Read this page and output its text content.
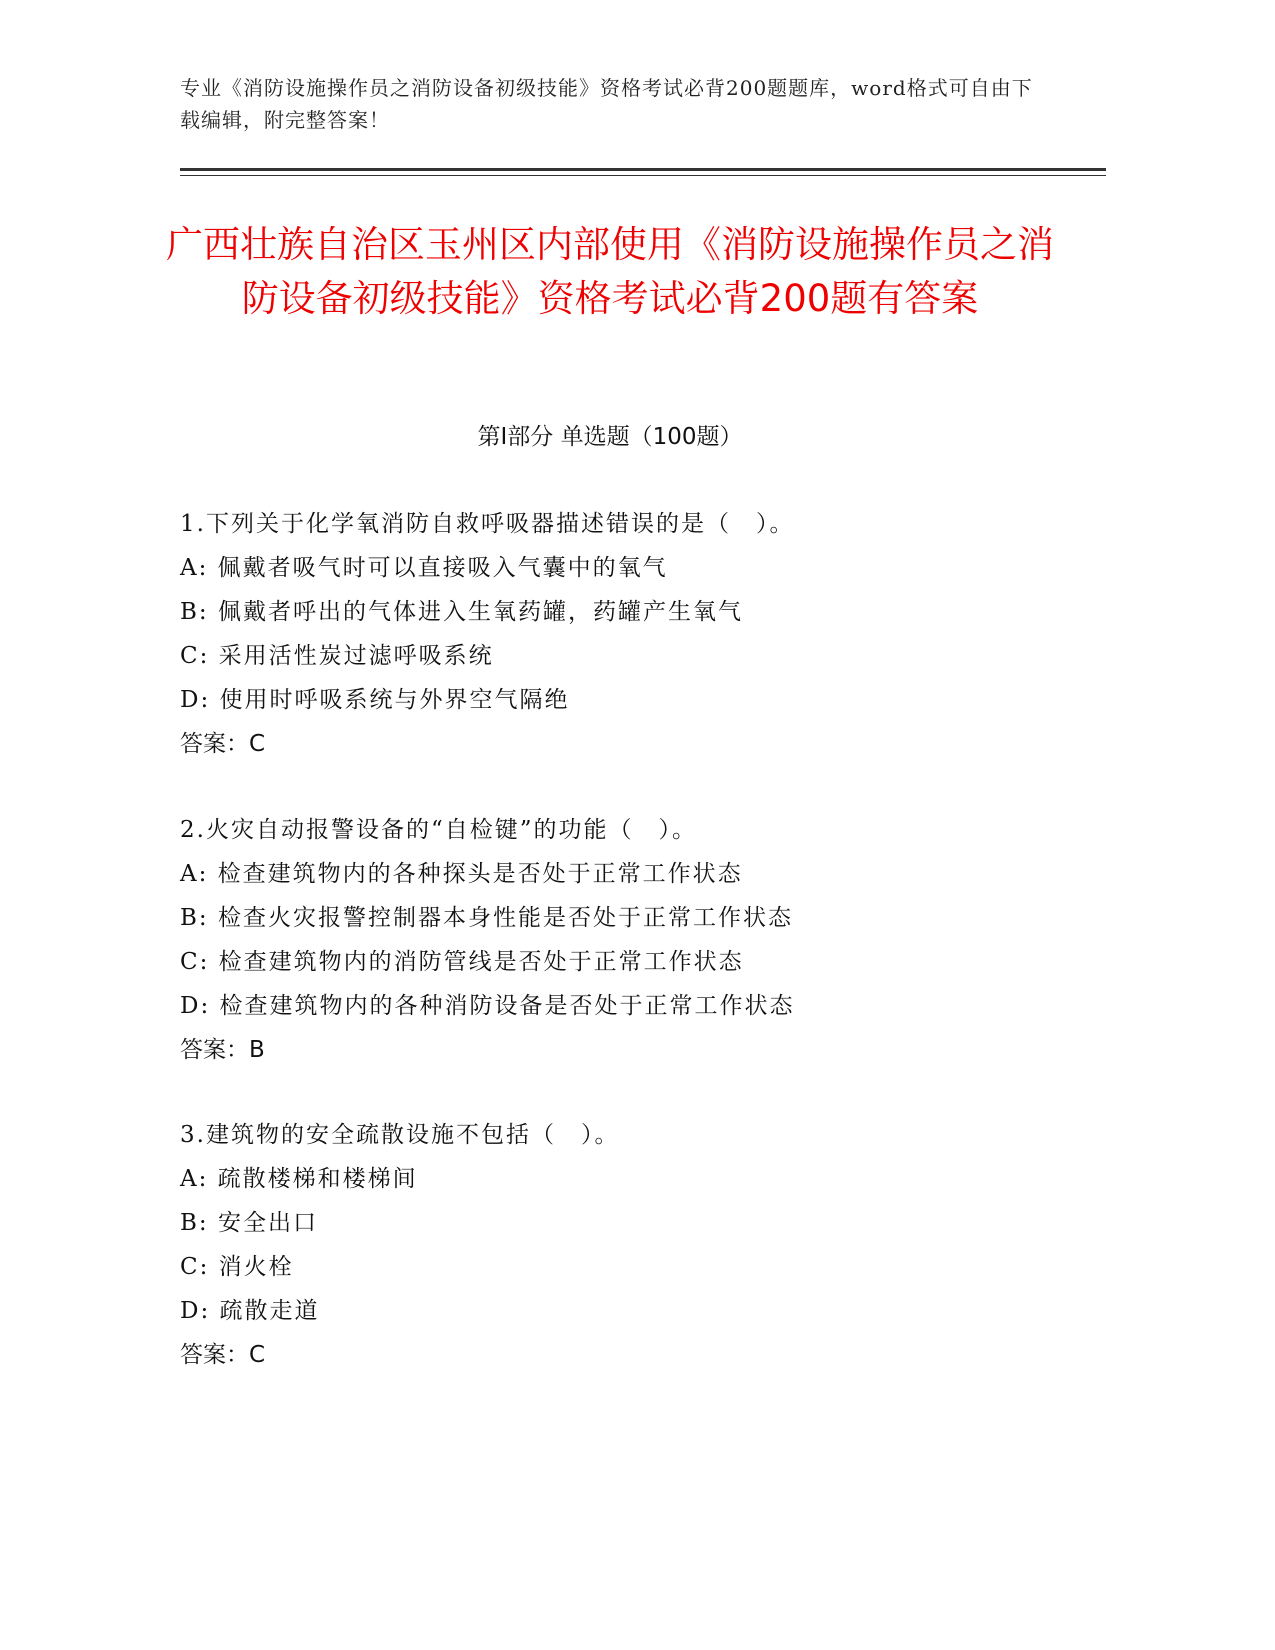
专业《消防设施操作员之消防设备初级技能》资格考试必背200题题库，word格式可自由下载编辑，附完整答案！
广西壮族自治区玉州区内部使用《消防设施操作员之消防设备初级技能》资格考试必背200题有答案
第I部分 单选题（100题）
1.下列关于化学氧消防自救呼吸器描述错误的是（　）。
A: 佩戴者吸气时可以直接吸入气囊中的氧气
B: 佩戴者呼出的气体进入生氧药罐，药罐产生氧气
C: 采用活性炭过滤呼吸系统
D: 使用时呼吸系统与外界空气隔绝
答案：C
2.火灾自动报警设备的“自检键”的功能（　）。
A: 检查建筑物内的各种探头是否处于正常工作状态
B: 检查火灾报警控制器本身性能是否处于正常工作状态
C: 检查建筑物内的消防管线是否处于正常工作状态
D: 检查建筑物内的各种消防设备是否处于正常工作状态
答案：B
3.建筑物的安全疏散设施不包括（　）。
A: 疏散楼梯和楼梯间
B: 安全出口
C: 消火栓
D: 疏散走道
答案：C
